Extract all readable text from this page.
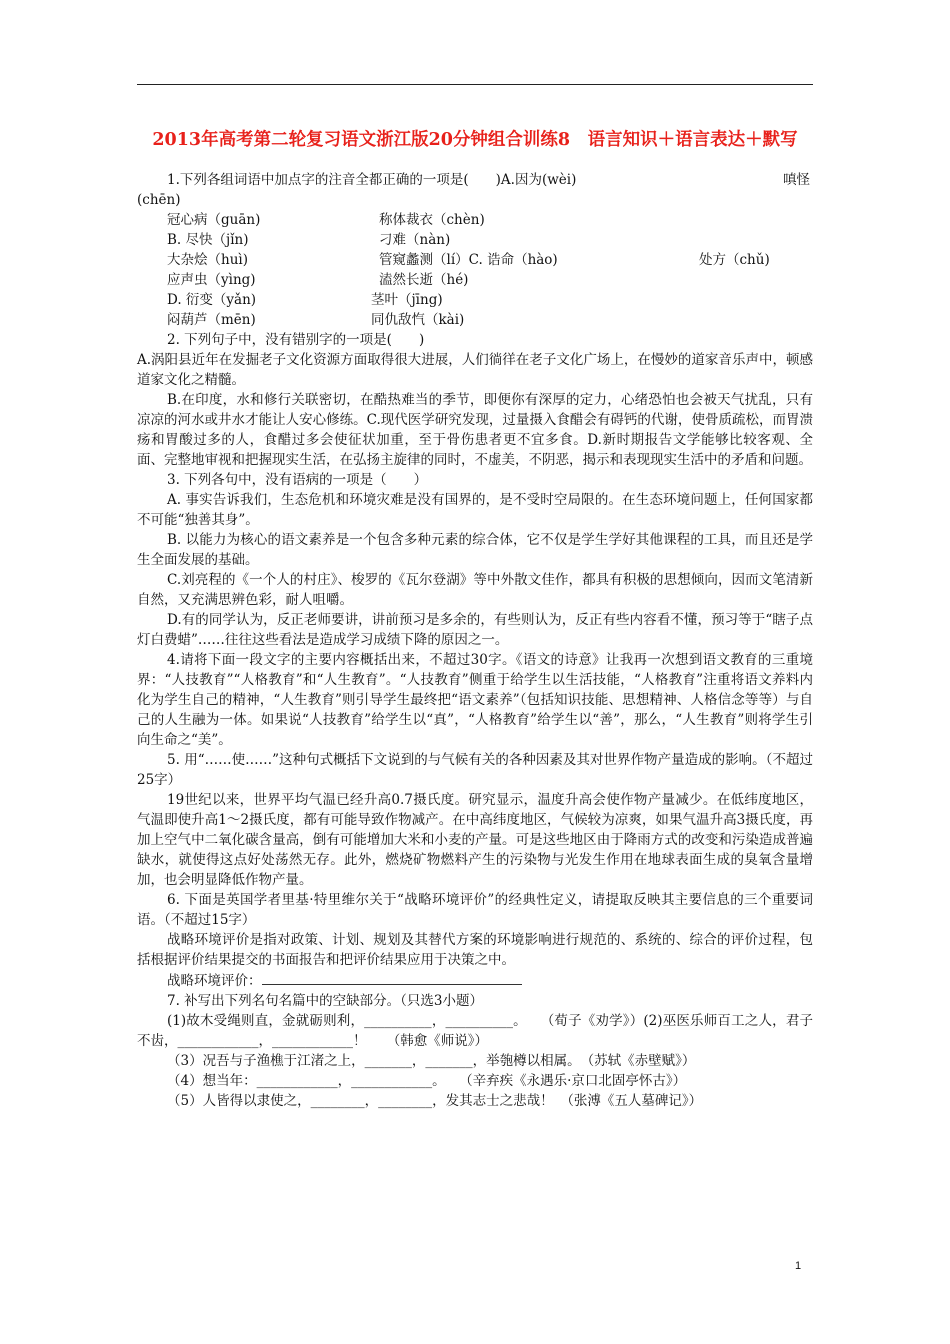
2013年高考第二轮复习语文浙江版20分钟组合训练8　语言知识＋语言表达＋默写
1.下列各组词语中加点字的注音全都正确的一项是(　　)A.因为(wèi)	嗔怪
(chēn)
冠心病（guān)	称体裁衣（chèn)
B. 尽快（jǐn)	刁难（nàn)
大杂烩（huì)	管窥蠡测（lí）C. 诰命（hào)	处方（chǔ)
应声虫（yìng)	溘然长逝（hé)
D. 衍变（yǎn)	茎叶（jīng)
闷葫芦（mēn)	同仇敌忾（kài)

2. 下列句子中，没有错别字的一项是(　　)

A.涡阳县近年在发掘老子文化资源方面取得很大进展，人们徜徉在老子文化广场上，在慢妙的道家音乐声中，顿感道家文化之精髓。

B.在印度，水和修行关联密切，在酷热难当的季节，即便你有深厚的定力，心绪恐怕也会被天气扰乱，只有凉凉的河水或井水才能让人安心修练。C.现代医学研究发现，过量摄入食醋会有碍钙的代谢，使骨质疏松，而胃溃疡和胃酸过多的人，食醋过多会使征状加重，至于骨伤患者更不宜多食。D.新时期报告文学能够比较客观、全面、完整地审视和把握现实生活，在弘扬主旋律的同时，不虚美，不阴恶，揭示和表现现实生活中的矛盾和问题。

3. 下列各句中，没有语病的一项是（　　）

A. 事实告诉我们，生态危机和环境灾难是没有国界的，是不受时空局限的。在生态环境问题上，任何国家都不可能“独善其身”。

B. 以能力为核心的语文素养是一个包含多种元素的综合体，它不仅是学生学好其他课程的工具，而且还是学生全面发展的基础。

C.刘亮程的《一个人的村庄》、梭罗的《瓦尔登湖》等中外散文佳作，都具有积极的思想倾向，因而文笔清新自然，又充满思辨色彩，耐人咀嚼。

D.有的同学认为，反正老师要讲，讲前预习是多余的，有些则认为，反正有些内容看不懂，预习等于“瞎子点灯白费蜡”……往往这些看法是造成学习成绩下降的原因之一。

4.请将下面一段文字的主要内容概括出来，不超过30字。《语文的诗意》让我再一次想到语文教育的三重境界：“人技教育”“人格教育”和“人生教育”。“人技教育”侧重于给学生以生活技能，“人格教育”注重将语文养料内化为学生自己的精神，“人生教育”则引导学生最终把“语文素养”（包括知识技能、思想精神、人格信念等等）与自己的人生融为一体。如果说“人技教育”给学生以“真”，“人格教育”给学生以“善”，那么，“人生教育”则将学生引向生命之“美”。

5. 用“……使……”这种句式概括下文说到的与气候有关的各种因素及其对世界作物产量造成的影响。（不超过25字）

19世纪以来，世界平均气温已经升高0.7摄氏度。研究显示，温度升高会使作物产量减少。在低纬度地区，气温即使升高1～2摄氏度，都有可能导致作物减产。在中高纬度地区，气候较为凉爽，如果气温升高3摄氏度，再加上空气中二氧化碳含量高，倒有可能增加大米和小麦的产量。可是这些地区由于降雨方式的改变和污染造成普遍缺水，就使得这点好处荡然无存。此外，燃烧矿物燃料产生的污染物与光发生作用在地球表面生成的臭氧含量增加，也会明显降低作物产量。

6. 下面是英国学者里基·特里维尔关于“战略环境评价”的经典性定义，请提取反映其主要信息的三个重要词语。（不超过15字）

战略环境评价是指对政策、计划、规划及其替代方案的环境影响进行规范的、系统的、综合的评价过程，包括根据评价结果提交的书面报告和把评价结果应用于决策之中。

战略环境评价：

7. 补写出下列名句名篇中的空缺部分。（只选3小题）

(1)故木受绳则直，金就砺则利，__________，__________。　　（荀子《劝学》）(2)巫医乐师百工之人，君子不齿，____________，____________！　　（韩愈《师说》）

（3）况吾与子渔樵于江渚之上，_______，_______，举匏樽以相属。　（苏轼《赤壁赋》）

（4）想当年：____________，____________。　　（辛弃疾《永遇乐·京口北固亭怀古》）

（5）人皆得以隶使之，________，________，发其志士之悲哉！　（张溥《五人墓碑记》）

1
